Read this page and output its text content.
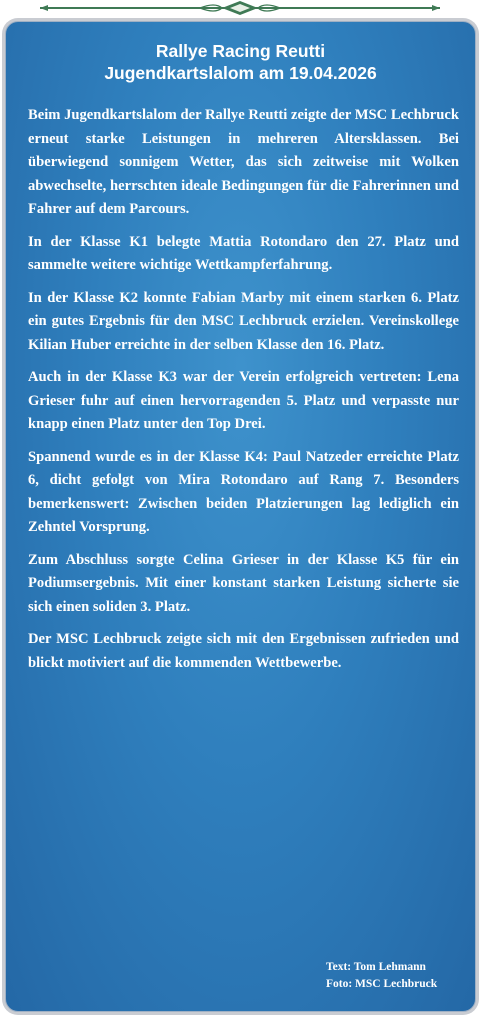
Rallye Racing Reutti
Jugendkartslalom am 19.04.2026

Beim Jugendkartslalom der Rallye Reutti zeigte der MSC Lechbruck erneut starke Leistungen in mehreren Altersklassen. Bei überwiegend sonnigem Wetter, das sich zeitweise mit Wolken abwechselte, herrschten ideale Bedingungen für die Fahrerinnen und Fahrer auf dem Parcours.

In der Klasse K1 belegte Mattia Rotondaro den 27. Platz und sammelte weitere wichtige Wettkampferfahrung.

In der Klasse K2 konnte Fabian Marby mit einem starken 6. Platz ein gutes Ergebnis für den MSC Lechbruck erzielen. Vereinskollege Kilian Huber erreichte in der selben Klasse den 16. Platz.

Auch in der Klasse K3 war der Verein erfolgreich vertreten: Lena Grieser fuhr auf einen hervorragenden 5. Platz und verpasste nur knapp einen Platz unter den Top Drei.

Spannend wurde es in der Klasse K4: Paul Natzeder erreichte Platz 6, dicht gefolgt von Mira Rotondaro auf Rang 7. Besonders bemerkenswert: Zwischen beiden Platzierungen lag lediglich ein Zehntel Vorsprung.

Zum Abschluss sorgte Celina Grieser in der Klasse K5 für ein Podiumsergebnis. Mit einer konstant starken Leistung sicherte sie sich einen soliden 3. Platz.

Der MSC Lechbruck zeigte sich mit den Ergebnissen zufrieden und blickt motiviert auf die kommenden Wettbewerbe.

Text: Tom Lehmann
Foto: MSC Lechbruck
